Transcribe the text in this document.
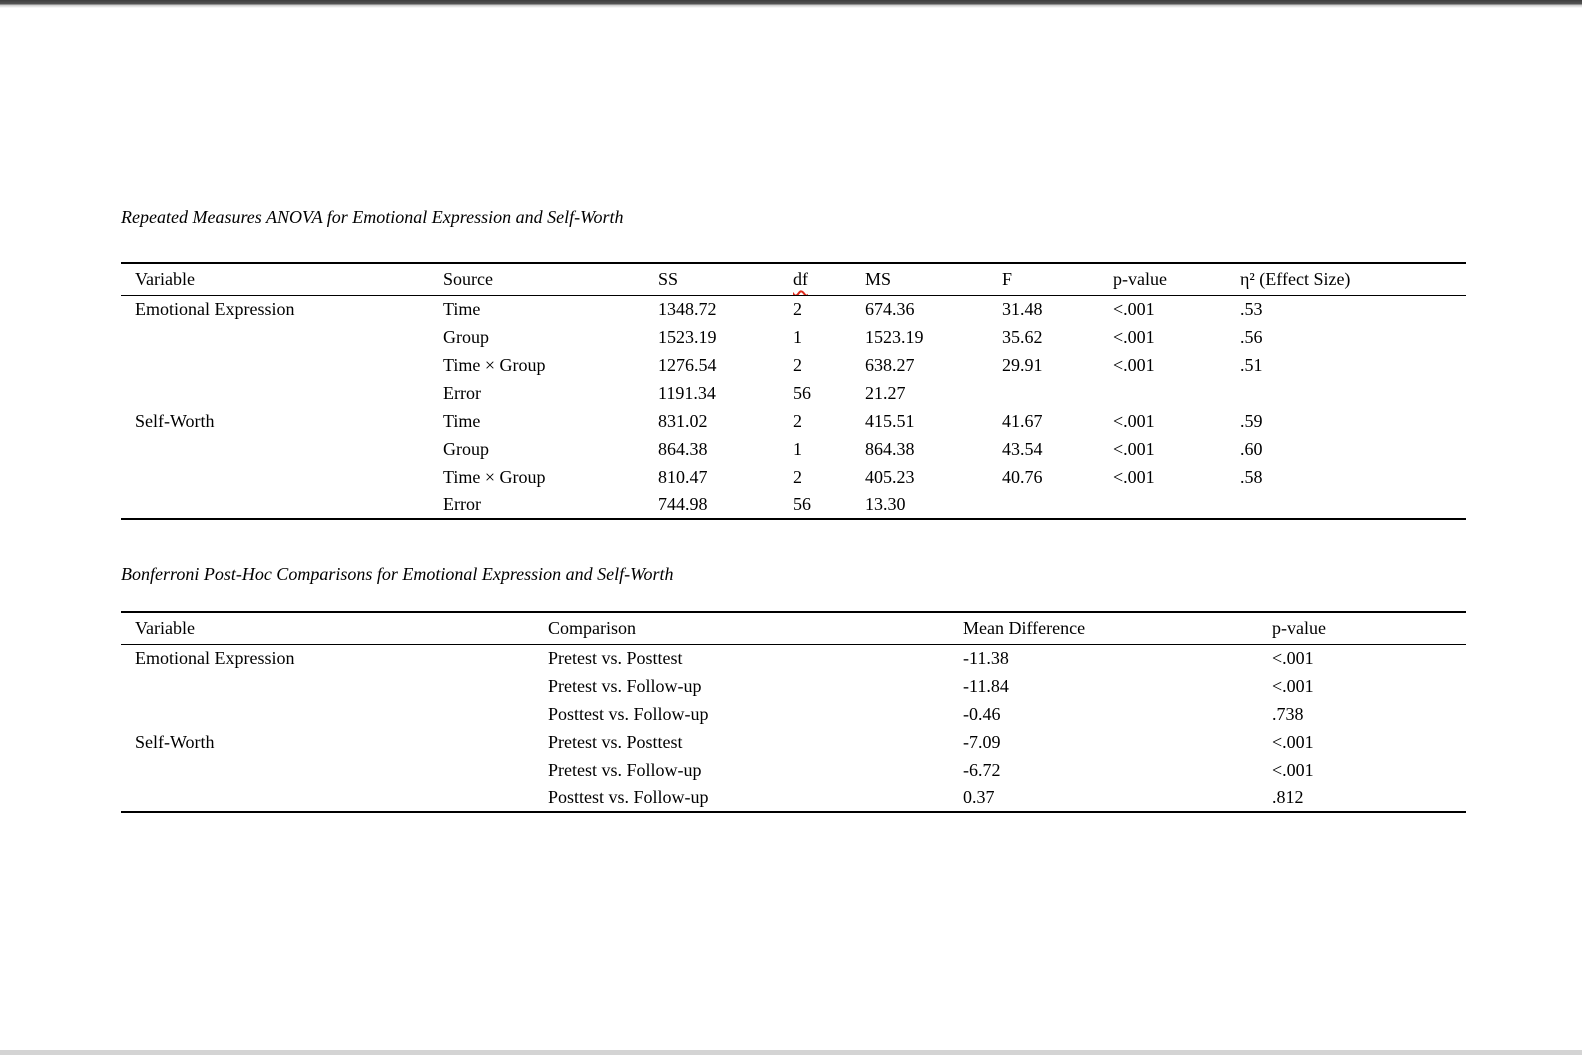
Repeated Measures ANOVA for Emotional Expression and Self-Worth
Variable	Source	SS	df	MS	F	p-value	η² (Effect Size)
Emotional Expression	Time	1348.72	2	674.36	31.48	<.001	.53
	Group	1523.19	1	1523.19	35.62	<.001	.56
	Time × Group	1276.54	2	638.27	29.91	<.001	.51
	Error	1191.34	56	21.27			
Self-Worth	Time	831.02	2	415.51	41.67	<.001	.59
	Group	864.38	1	864.38	43.54	<.001	.60
	Time × Group	810.47	2	405.23	40.76	<.001	.58
	Error	744.98	56	13.30			
Bonferroni Post-Hoc Comparisons for Emotional Expression and Self-Worth
Variable	Comparison	Mean Difference	p-value
Emotional Expression	Pretest vs. Posttest	-11.38	<.001
	Pretest vs. Follow-up	-11.84	<.001
	Posttest vs. Follow-up	-0.46	.738
Self-Worth	Pretest vs. Posttest	-7.09	<.001
	Pretest vs. Follow-up	-6.72	<.001
	Posttest vs. Follow-up	0.37	.812
